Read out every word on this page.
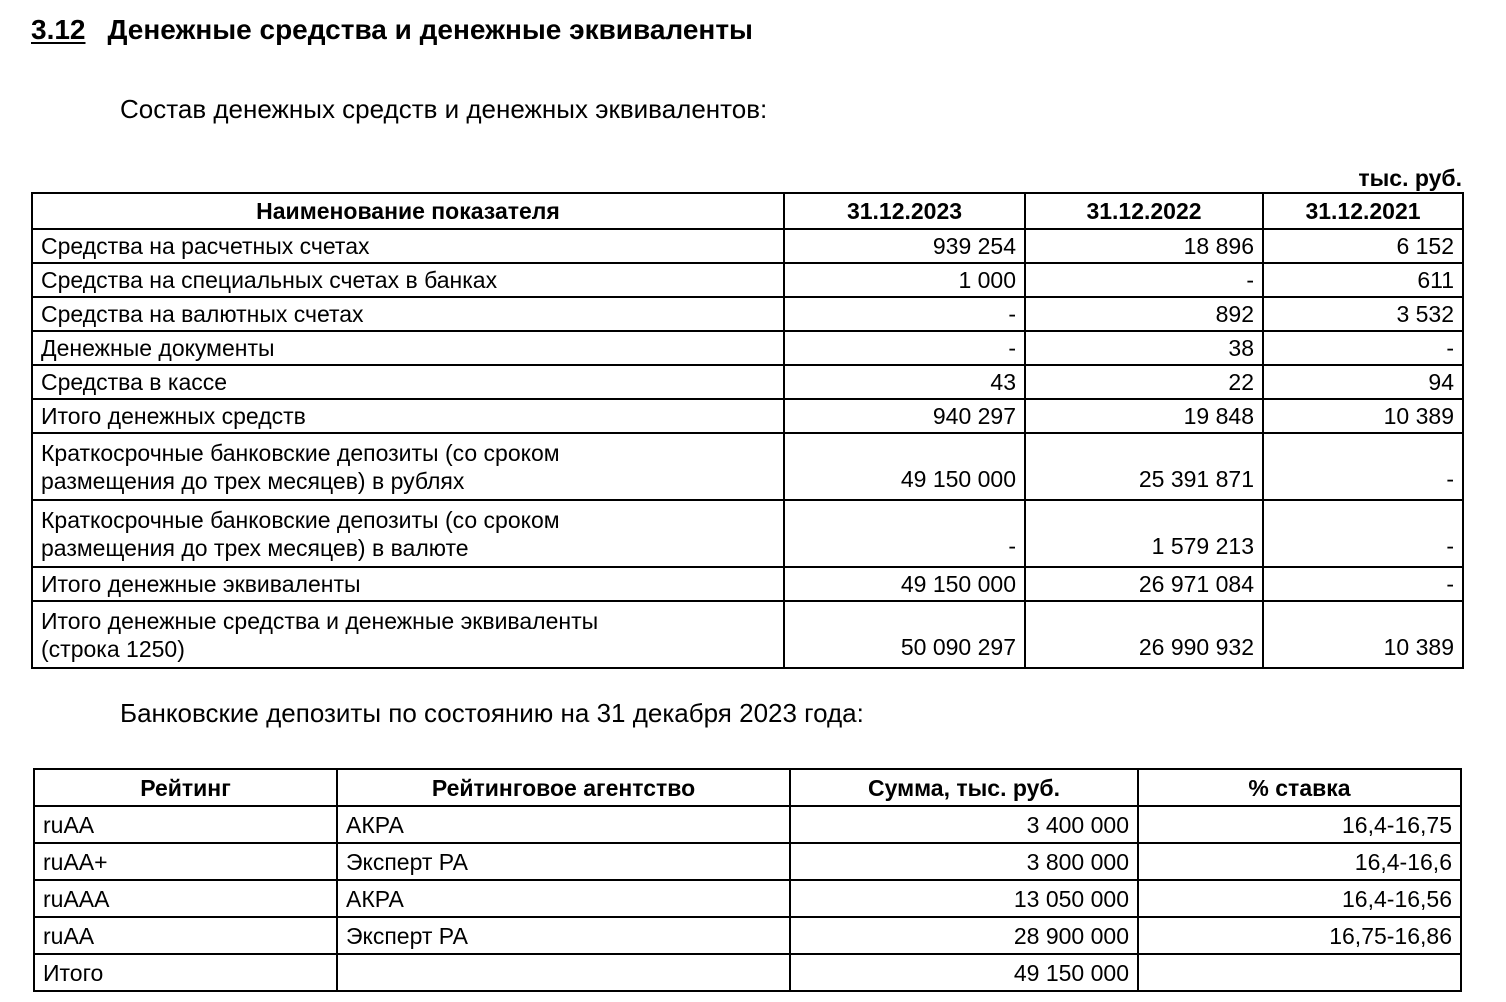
3.12 Денежные средства и денежные эквиваленты
Состав денежных средств и денежных эквивалентов:
тыс. руб.
Наименование показателя	31.12.2023	31.12.2022	31.12.2021
Средства на расчетных счетах	939 254	18 896	6 152
Средства на специальных счетах в банках	1 000	-	611
Средства на валютных счетах	-	892	3 532
Денежные документы	-	38	-
Средства в кассе	43	22	94
Итого денежных средств	940 297	19 848	10 389

Краткосрочные банковские депозиты (со сроком
размещения до трех месяцев) в рублях	49 150 000	25 391 871	-

Краткосрочные банковские депозиты (со сроком
размещения до трех месяцев) в валюте	-	1 579 213	-
Итого денежные эквиваленты	49 150 000	26 971 084	-

Итого денежные средства и денежные эквиваленты
(строка 1250)	50 090 297	26 990 932	10 389
Банковские депозиты по состоянию на 31 декабря 2023 года:
Рейтинг	Рейтинговое агентство	Сумма, тыс. руб.	% ставка
ruAA	АКРА	3 400 000	16,4-16,75
ruAA+	Эксперт РА	3 800 000	16,4-16,6
ruAAA	АКРА	13 050 000	16,4-16,56
ruAA	Эксперт РА	28 900 000	16,75-16,86
Итого		49 150 000	
